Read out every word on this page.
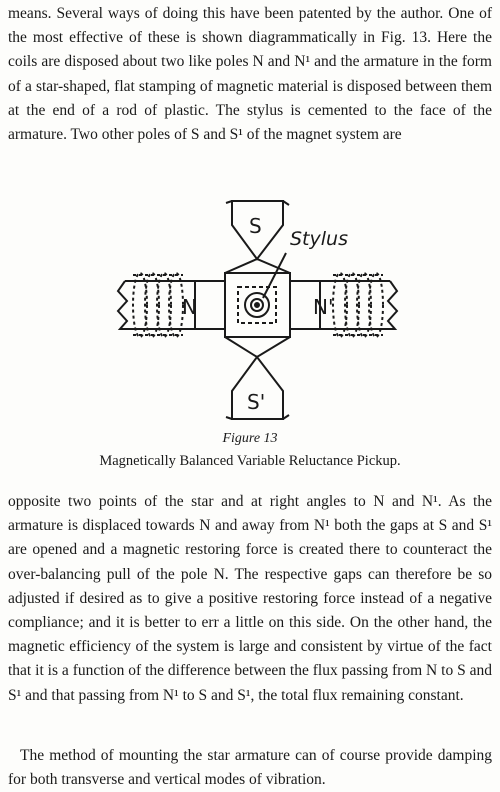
means. Several ways of doing this have been patented by the author. One of the most effective of these is shown diagrammatically in Fig. 13. Here the coils are disposed about two like poles N and N¹ and the armature in the form of a star-shaped, flat stamping of magnetic material is disposed between them at the end of a rod of plastic. The stylus is cemented to the face of the armature. Two other poles of S and S¹ of the magnet system are

S
S'
Stylus
N	N'
Figure 13
Magnetically Balanced Variable Reluctance Pickup.

opposite two points of the star and at right angles to N and N¹. As the armature is displaced towards N and away from N¹ both the gaps at S and S¹ are opened and a magnetic restoring force is created there to counteract the over-balancing pull of the pole N. The respective gaps can therefore be so adjusted if desired as to give a positive restoring force instead of a negative compliance; and it is better to err a little on this side. On the other hand, the magnetic efficiency of the system is large and consistent by virtue of the fact that it is a function of the difference between the flux passing from N to S and S¹ and that passing from N¹ to S and S¹, the total flux remaining constant.

The method of mounting the star armature can of course provide damping for both transverse and vertical modes of vibration.
